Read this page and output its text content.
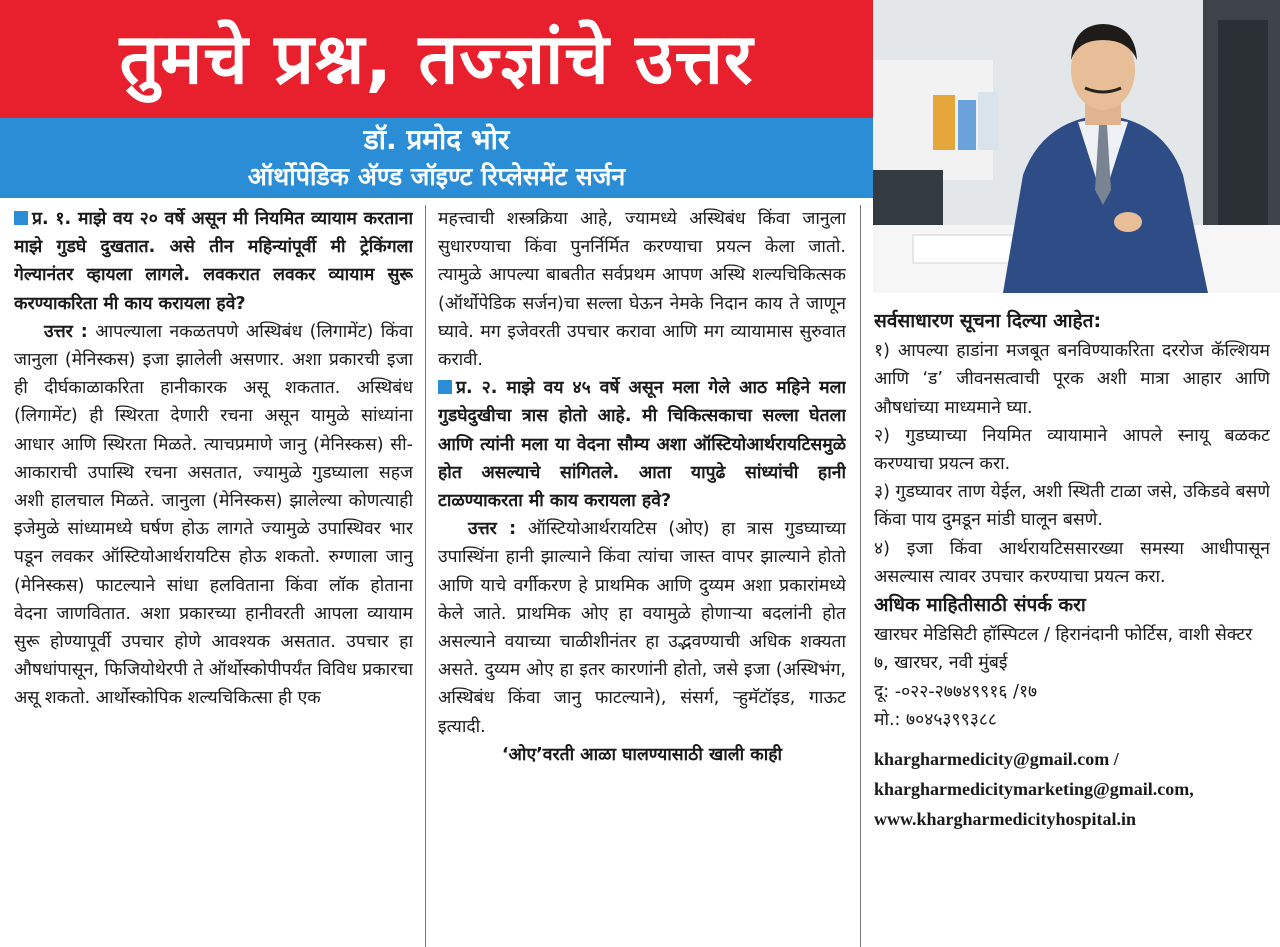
तुमचे प्रश्न, तज्ज्ञांचे उत्तर
डॉ. प्रमोद भोर
ऑर्थोपेडिक अ‍ॅण्ड जॉइण्ट रिप्लेसमेंट सर्जन

प्र. १. माझे वय २० वर्षे असून मी नियमित व्यायाम करताना माझे गुडघे दुखतात. असे तीन महिन्यांपूर्वी मी ट्रेकिंगला गेल्यानंतर व्हायला लागले. लवकरात लवकर व्यायाम सुरू करण्याकरिता मी काय करायला हवे?

उत्तर : आपल्याला नकळतपणे अस्थिबंध (लिगामेंट) किंवा जानुला (मेनिस्कस) इजा झालेली असणार. अशा प्रकारची इजा ही दीर्घकाळाकरिता हानीकारक असू शकतात. अस्थिबंध (लिगामेंट) ही स्थिरता देणारी रचना असून यामुळे सांध्यांना आधार आणि स्थिरता मिळते. त्याचप्रमाणे जानु (मेनिस्कस) सी- आकाराची उपास्थि रचना असतात, ज्यामुळे गुडघ्याला सहज अशी हालचाल मिळते. जानुला (मेनिस्कस) झालेल्या कोणत्याही इजेमुळे सांध्यामध्ये घर्षण होऊ लागते ज्यामुळे उपास्थिवर भार पडून लवकर ऑस्टियोआर्थरायटिस होऊ शकतो. रुग्णाला जानु (मेनिस्कस) फाटल्याने सांधा हलविताना किंवा लॉक होताना वेदना जाणवितात. अशा प्रकारच्या हानीवरती आपला व्यायाम सुरू होण्यापूर्वी उपचार होणे आवश्यक असतात. उपचार हा औषधांपासून, फिजियोथेरपी ते ऑर्थोस्कोपीपर्यंत विविध प्रकारचा असू शकतो. आर्थोस्कोपिक शल्यचिकित्सा ही एक

महत्त्वाची शस्त्रक्रिया आहे, ज्यामध्ये अस्थिबंध किंवा जानुला सुधारण्याचा किंवा पुनर्निर्मित करण्याचा प्रयत्न केला जातो. त्यामुळे आपल्या बाबतीत सर्वप्रथम आपण अस्थि शल्यचिकित्सक (ऑर्थोपेडिक सर्जन)चा सल्ला घेऊन नेमके निदान काय ते जाणून घ्यावे. मग इजेवरती उपचार करावा आणि मग व्यायामास सुरुवात करावी.

प्र. २. माझे वय ४५ वर्षे असून मला गेले आठ महिने मला गुडघेदुखीचा त्रास होतो आहे. मी चिकित्सकाचा सल्ला घेतला आणि त्यांनी मला या वेदना सौम्य अशा ऑस्टियोआर्थरायटिसमुळे होत असल्याचे सांगितले. आता यापुढे सांध्यांची हानी टाळण्याकरता मी काय करायला हवे?

उत्तर : ऑस्टियोआर्थरायटिस (ओए) हा त्रास गुडघ्याच्या उपास्थिंना हानी झाल्याने किंवा त्यांचा जास्त वापर झाल्याने होतो आणि याचे वर्गीकरण हे प्राथमिक आणि दुय्यम अशा प्रकारांमध्ये केले जाते. प्राथमिक ओए हा वयामुळे होणाऱ्या बदलांनी होत असल्याने वयाच्या चाळीशीनंतर हा उद्भवण्याची अधिक शक्यता असते. दुय्यम ओए हा इतर कारणांनी होतो, जसे इजा (अस्थिभंग, अस्थिबंध किंवा जानु फाटल्याने), संसर्ग, ऱ्हुमॅटॉइड, गाऊट इत्यादी.

‘ओए’वरती आळा घालण्यासाठी खाली काही

सर्वसाधारण सूचना दिल्या आहेत:

१) आपल्या हाडांना मजबूत बनविण्याकरिता दररोज कॅल्शियम आणि ‘ड’ जीवनसत्वाची पूरक अशी मात्रा आहार आणि औषधांच्या माध्यमाने घ्या.

२) गुडघ्याच्या नियमित व्यायामाने आपले स्नायू बळकट करण्याचा प्रयत्न करा.

३) गुडघ्यावर ताण येईल, अशी स्थिती टाळा जसे, उकिडवे बसणे किंवा पाय दुमडून मांडी घालून बसणे.

४) इजा किंवा आर्थरायटिससारख्या समस्या आधीपासून असल्यास त्यावर उपचार करण्याचा प्रयत्न करा.

अधिक माहितीसाठी संपर्क करा

खारघर मेडिसिटी हॉस्पिटल / हिरानंदानी फोर्टिस, वाशी सेक्टर ७, खारघर, नवी मुंबई

दू: -०२२-२७७४९९१६ /१७

मो.: ७०४५३९९३८८

khargharmedicity@gmail.com /

khargharmedicitymarketing@gmail.com,

www.khargharmedicityhospital.in
